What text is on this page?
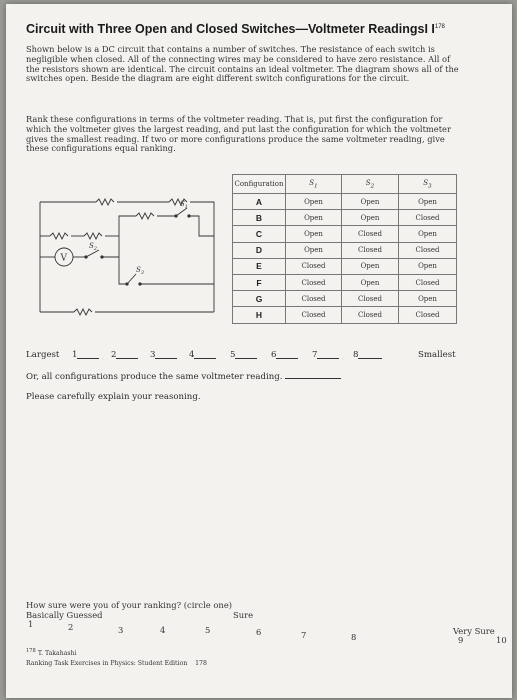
Circuit with Three Open and Closed Switches—Voltmeter ReadingsI $I^{178}$
Shown below is a DC circuit that contains a number of switches. The resistance of each switch is negligible when closed. All of the connecting wires may be considered to have zero resistance. All of the resistors shown are identical. The circuit contains an ideal voltmeter. The diagram shows all of the switches open. Beside the diagram are eight different switch configurations for the circuit.
Rank these configurations in terms of the voltmeter reading. That is, put first the configuration for which the voltmeter gives the largest reading, and put last the configuration for which the voltmeter gives the smallest reading. If two or more configurations produce the same voltmeter reading, give these configurations equal ranking.
V
$S_1$
$S_2$
$S_3$
Configuration	$S_1$	$S_2$	$S_3$
A	Open	Open	Open
B	Open	Open	Closed
C	Open	Closed	Open
D	Open	Closed	Closed
E	Closed	Open	Open
F	Closed	Open	Closed
G	Closed	Closed	Open
H	Closed	Closed	Closed
Largest 1	2	3	4	5	6	7	8	Smallest
Or, all configurations produce the same voltmeter reading.
Please carefully explain your reasoning.
How sure were you of your ranking? (circle one)
Basically Guessed	Sure
Very Sure
1	2	3	4	5	6	7	8	9	10
$^{178}$ T. Takahashi
Ranking Task Exercises in Physics: Student Edition 178
